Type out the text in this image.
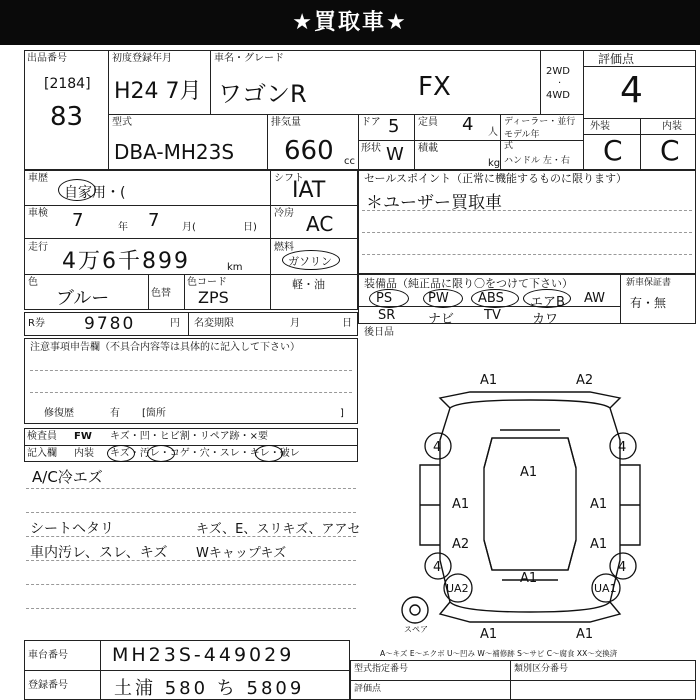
★買取車★
出品番号
[2184]
83
初度登録年月
H24 7月
車名・グレード
ワゴンR	FX
2WD
·
4WD
評価点
4
型式
DBA-MH23S
排気量
660 cc
ドア 5
形状 W
定員 4 人
積載
kg
ディーラー・並行
モデル年式
ハンドル 左・右
外装	内装
C C
車歴
自家用・(
シフト
IAT
車検 7	年 7 月(	日)
冷房 AC
走行
4万6千899	km
燃料
ガソリン
軽・油
色
ブルー	色替
色コード
ZPS
セールスポイント（正常に機能するものに限ります）
＊ユーザー買取車
装備品（純正品に限り〇をつけて下さい）	新車保証書
有・無
PS	PW ABS エアB AW
SR	ナビ TV カワ
R券 9780	円 名変期限	月	日
後日品
注意事項申告欄（不具合内容等は具体的に記入して下さい）
修復歴	有 [箇所	]
検査員 FW キズ・凹・ヒビ割・リペア跡・×要
記入欄 内装 キズ・汚レ・コゲ・穴・スレ・キレ・破レ
A/C冷エズ
シートヘタリ
車内汚レ、スレ、キズ
キズ、E、スリキズ、アアセ
Wキャップキズ
A1	A2
4	4
A1	A1
A2	A1
A1
4	4
UA2
A1
UA1
A1	A1
スペア
A～キズ E～エクボ U～凹み W～補修跡 S～サビ C～腐食 XX～交換済
車台番号 MH23S-449029
登録番号	土浦 580 ち 5809
型式指定番号	類別区分番号
評価点
